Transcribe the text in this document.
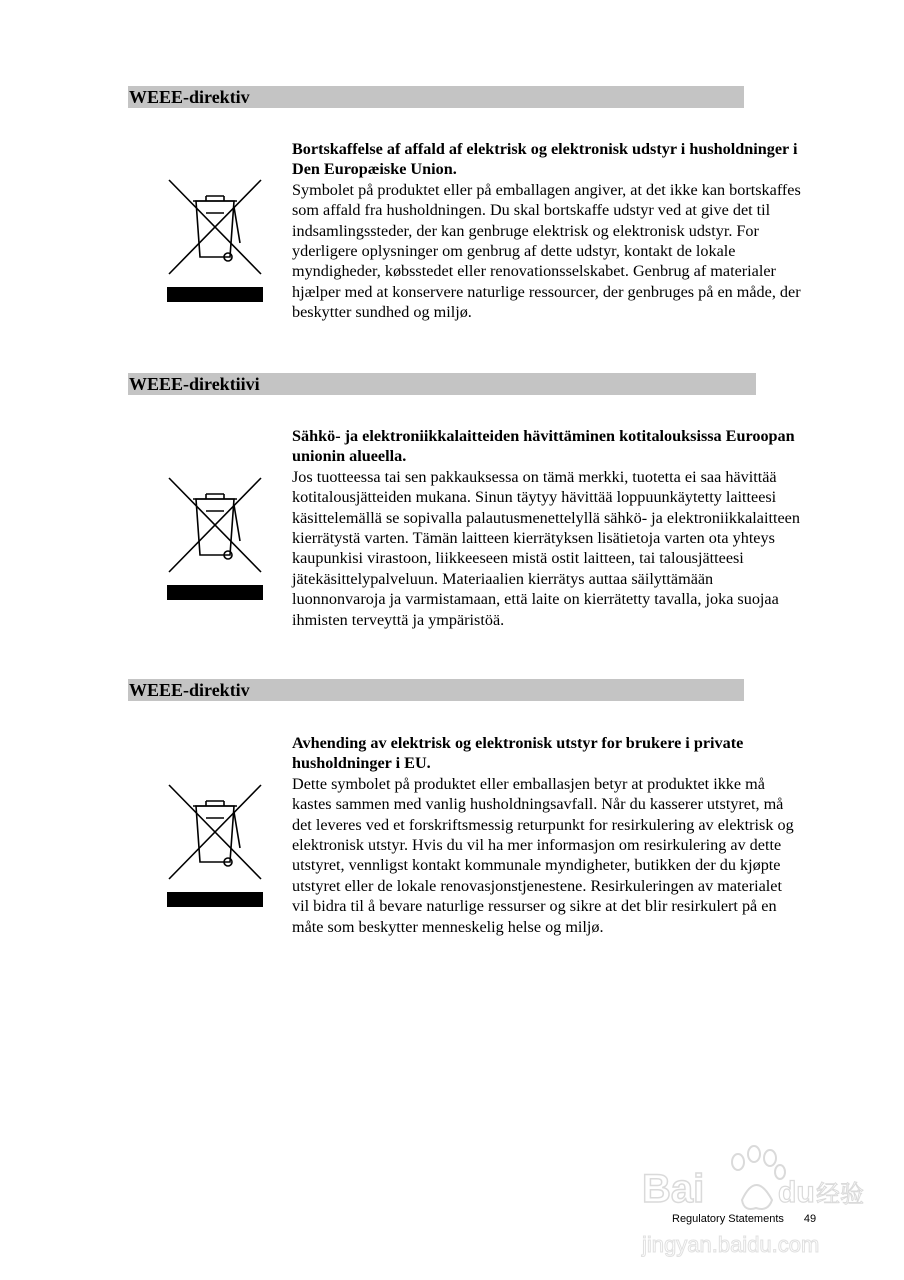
WEEE-direktiv

Bortskaffelse af affald af elektrisk og elektronisk udstyr i husholdninger i Den Europæiske Union.

Symbolet på produktet eller på emballagen angiver, at det ikke kan bortskaffes som affald fra husholdningen. Du skal bortskaffe udstyr ved at give det til indsamlingssteder, der kan genbruge elektrisk og elektronisk udstyr. For yderligere oplysninger om genbrug af dette udstyr, kontakt de lokale myndigheder, købsstedet eller renovationsselskabet. Genbrug af materialer hjælper med at konservere naturlige ressourcer, der genbruges på en måde, der beskytter sundhed og miljø.

WEEE-direktiivi

Sähkö- ja elektroniikkalaitteiden hävittäminen kotitalouksissa Euroopan unionin alueella.

Jos tuotteessa tai sen pakkauksessa on tämä merkki, tuotetta ei saa hävittää kotitalousjätteiden mukana. Sinun täytyy hävittää loppuunkäytetty laitteesi käsittelemällä se sopivalla palautusmenettelyllä sähkö- ja elektroniikkalaitteen kierrätystä varten. Tämän laitteen kierrätyksen lisätietoja varten ota yhteys kaupunkisi virastoon, liikkeeseen mistä ostit laitteen, tai talousjätteesi jätekäsittelypalveluun. Materiaalien kierrätys auttaa säilyttämään luonnonvaroja ja varmistamaan, että laite on kierrätetty tavalla, joka suojaa ihmisten terveyttä ja ympäristöä.

WEEE-direktiv

Avhending av elektrisk og elektronisk utstyr for brukere i private husholdninger i EU.

Dette symbolet på produktet eller emballasjen betyr at produktet ikke må kastes sammen med vanlig husholdningsavfall. Når du kasserer utstyret, må det leveres ved et forskriftsmessig returpunkt for resirkulering av elektrisk og elektronisk utstyr. Hvis du vil ha mer informasjon om resirkulering av dette utstyret, vennligst kontakt kommunale myndigheter, butikken der du kjøpte utstyret eller de lokale renovasjonstjenestene. Resirkuleringen av materialet vil bidra til å bevare naturlige ressurser og sikre at det blir resirkulert på en måte som beskytter menneskelig helse og miljø.

Bai du 经验
jingyan.baidu.com
Regulatory Statements 49
